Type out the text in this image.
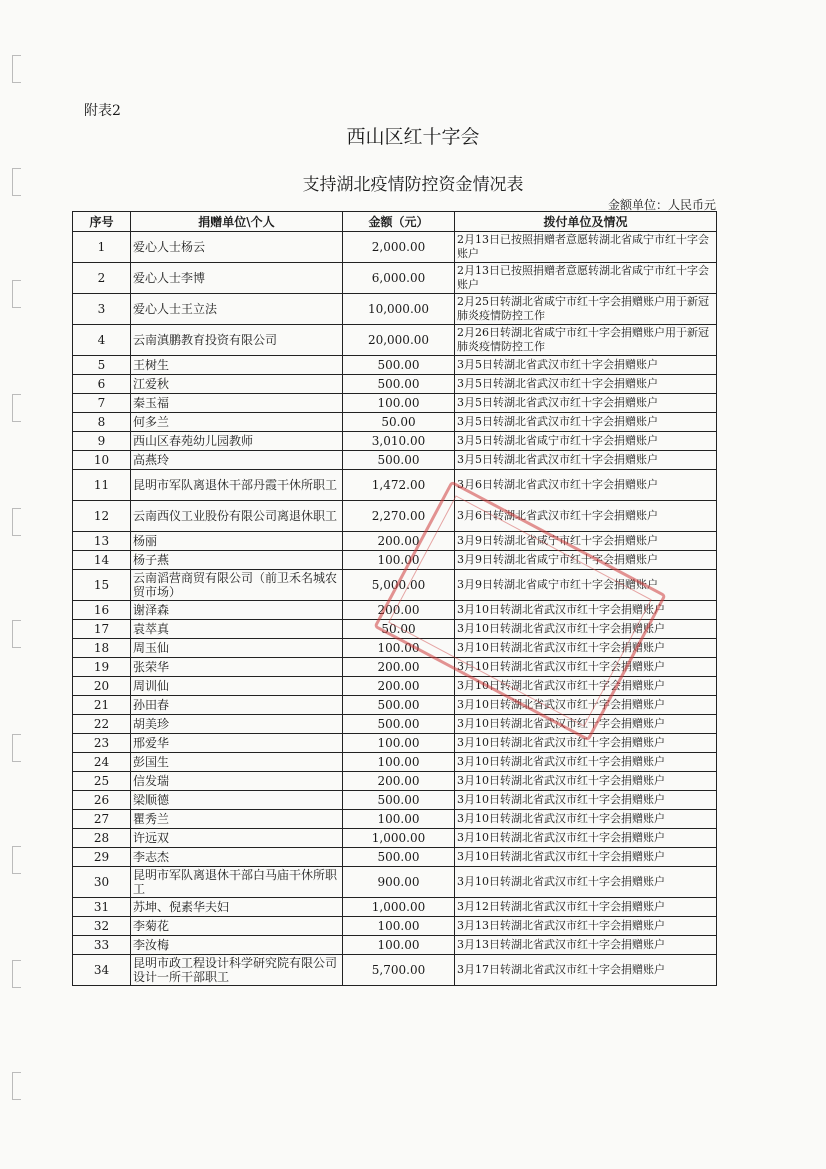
附表2
西山区红十字会
支持湖北疫情防控资金情况表
金额单位：人民币元
序号	捐赠单位\个人	金额（元）	拨付单位及情况
1	爱心人士杨云	2,000.00	2月13日已按照捐赠者意愿转湖北省咸宁市红十字会账户
2	爱心人士李博	6,000.00	2月13日已按照捐赠者意愿转湖北省咸宁市红十字会账户
3	爱心人士王立法	10,000.00	2月25日转湖北省咸宁市红十字会捐赠账户用于新冠肺炎疫情防控工作
4	云南滇鹏教育投资有限公司	20,000.00	2月26日转湖北省咸宁市红十字会捐赠账户用于新冠肺炎疫情防控工作
5	王树生	500.00	3月5日转湖北省武汉市红十字会捐赠账户
6	江爱秋	500.00	3月5日转湖北省武汉市红十字会捐赠账户
7	秦玉福	100.00	3月5日转湖北省武汉市红十字会捐赠账户
8	何多兰	50.00	3月5日转湖北省武汉市红十字会捐赠账户
9	西山区春苑幼儿园教师	3,010.00	3月5日转湖北省咸宁市红十字会捐赠账户
10	高燕玲	500.00	3月5日转湖北省武汉市红十字会捐赠账户
11	昆明市军队离退休干部丹霞干休所职工	1,472.00	3月6日转湖北省武汉市红十字会捐赠账户
12	云南西仪工业股份有限公司离退休职工	2,270.00	3月6日转湖北省武汉市红十字会捐赠账户
13	杨丽	200.00	3月9日转湖北省咸宁市红十字会捐赠账户
14	杨子燕	100.00	3月9日转湖北省咸宁市红十字会捐赠账户
15	云南滔营商贸有限公司（前卫禾名城农贸市场）	5,000.00	3月9日转湖北省咸宁市红十字会捐赠账户
16	谢泽森	200.00	3月10日转湖北省武汉市红十字会捐赠账户
17	袁萃真	50.00	3月10日转湖北省武汉市红十字会捐赠账户
18	周玉仙	100.00	3月10日转湖北省武汉市红十字会捐赠账户
19	张荣华	200.00	3月10日转湖北省武汉市红十字会捐赠账户
20	周训仙	200.00	3月10日转湖北省武汉市红十字会捐赠账户
21	孙田春	500.00	3月10日转湖北省武汉市红十字会捐赠账户
22	胡美珍	500.00	3月10日转湖北省武汉市红十字会捐赠账户
23	邢爱华	100.00	3月10日转湖北省武汉市红十字会捐赠账户
24	彭国生	100.00	3月10日转湖北省武汉市红十字会捐赠账户
25	信发瑞	200.00	3月10日转湖北省武汉市红十字会捐赠账户
26	梁顺德	500.00	3月10日转湖北省武汉市红十字会捐赠账户
27	瞿秀兰	100.00	3月10日转湖北省武汉市红十字会捐赠账户
28	许远双	1,000.00	3月10日转湖北省武汉市红十字会捐赠账户
29	李志杰	500.00	3月10日转湖北省武汉市红十字会捐赠账户
30	昆明市军队离退休干部白马庙干休所职工	900.00	3月10日转湖北省武汉市红十字会捐赠账户
31	苏坤、倪素华夫妇	1,000.00	3月12日转湖北省武汉市红十字会捐赠账户
32	李菊花	100.00	3月13日转湖北省武汉市红十字会捐赠账户
33	李汝梅	100.00	3月13日转湖北省武汉市红十字会捐赠账户
34	昆明市政工程设计科学研究院有限公司设计一所干部职工	5,700.00	3月17日转湖北省武汉市红十字会捐赠账户
